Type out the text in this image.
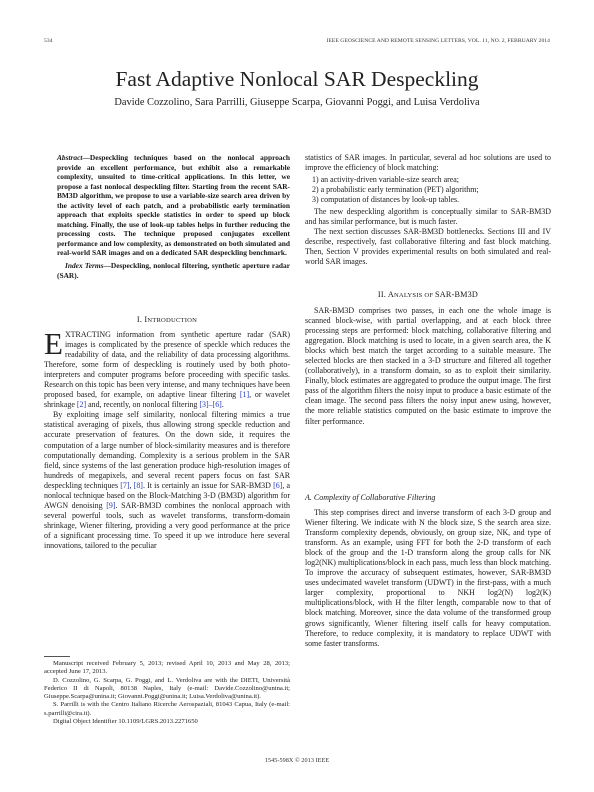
534	IEEE GEOSCIENCE AND REMOTE SENSING LETTERS, VOL. 11, NO. 2, FEBRUARY 2014
Fast Adaptive Nonlocal SAR Despeckling
Davide Cozzolino, Sara Parrilli, Giuseppe Scarpa, Giovanni Poggi, and Luisa Verdoliva
Abstract—Despeckling techniques based on the nonlocal approach provide an excellent performance, but exhibit also a remarkable complexity, unsuited to time-critical applications. In this letter, we propose a fast nonlocal despeckling filter. Starting from the recent SAR-BM3D algorithm, we propose to use a variable-size search area driven by the activity level of each patch, and a probabilistic early termination approach that exploits speckle statistics in order to speed up block matching. Finally, the use of look-up tables helps in further reducing the processing costs. The technique proposed conjugates excellent performance and low complexity, as demonstrated on both simulated and real-world SAR images and on a dedicated SAR despeckling benchmark.
Index Terms—Despeckling, nonlocal filtering, synthetic aperture radar (SAR).
I. INTRODUCTION

EXTRACTING information from synthetic aperture radar (SAR) images is complicated by the presence of speckle which reduces the readability of data, and the reliability of data processing algorithms. Therefore, some form of despeckling is routinely used by both photo-interpreters and computer programs before proceeding with specific tasks. Research on this topic has been very intense, and many techniques have been proposed based, for example, on adaptive linear filtering [1], or wavelet shrinkage [2] and, recently, on nonlocal filtering [3]–[6].

By exploiting image self similarity, nonlocal filtering mimics a true statistical averaging of pixels, thus allowing strong speckle reduction and accurate preservation of features. On the down side, it requires the computation of a large number of block-similarity measures and is therefore computationally demanding. Complexity is a serious problem in the SAR field, since systems of the last generation produce high-resolution images of hundreds of megapixels, and several recent papers focus on fast SAR despeckling techniques [7], [8]. It is certainly an issue for SAR-BM3D [6], a nonlocal technique based on the Block-Matching 3-D (BM3D) algorithm for AWGN denoising [9]. SAR-BM3D combines the nonlocal approach with several powerful tools, such as wavelet transforms, transform-domain shrinkage, Wiener filtering, providing a very good performance at the price of a significant processing time. To speed it up we introduce here several innovations, tailored to the peculiar

Manuscript received February 5, 2013; revised April 10, 2013 and May 28, 2013; accepted June 17, 2013.
D. Cozzolino, G. Scarpa, G. Poggi, and L. Verdoliva are with the DIETI, Università Federico II di Napoli, 80138 Naples, Italy (e-mail: Davide.Cozzolino@unina.it; Giuseppe.Scarpa@unina.it; Giovanni.Poggi@unina.it; Luisa.Verdoliva@unina.it).
S. Parrilli is with the Centro Italiano Ricerche Aerospaziali, 81043 Capua, Italy (e-mail: s.parrilli@cira.it).
Digital Object Identifier 10.1109/LGRS.2013.2271650

statistics of SAR images. In particular, several ad hoc solutions are used to improve the efficiency of block matching:

1) an activity-driven variable-size search area;
2) a probabilistic early termination (PET) algorithm;
3) computation of distances by look-up tables.

The new despeckling algorithm is conceptually similar to SAR-BM3D and has similar performance, but is much faster.

The next section discusses SAR-BM3D bottlenecks. Sections III and IV describe, respectively, fast collaborative filtering and fast block matching. Then, Section V provides experimental results on both simulated and real-world SAR images.

II. ANALYSIS OF SAR-BM3D

SAR-BM3D comprises two passes, in each one the whole image is scanned block-wise, with partial overlapping, and at each block three processing steps are performed: block matching, collaborative filtering and aggregation. Block matching is used to locate, in a given search area, the K blocks which best match the target according to a suitable measure. The selected blocks are then stacked in a 3-D structure and filtered all together (collaboratively), in a transform domain, so as to exploit their similarity. Finally, block estimates are aggregated to produce the output image. The first pass of the algorithm filters the noisy input to produce a basic estimate of the clean image. The second pass filters the noisy input anew using, however, the more reliable statistics computed on the basic estimate to improve the filter performance.

A. Complexity of Collaborative Filtering

This step comprises direct and inverse transform of each 3-D group and Wiener filtering. We indicate with N the block size, S the search area size. Transform complexity depends, obviously, on group size, NK, and type of transform. As an example, using FFT for both the 2-D transform of each block of the group and the 1-D transform along the group calls for NK log2(NK) multiplications/block in each pass, much less than block matching. To improve the accuracy of subsequent estimates, however, SAR-BM3D uses undecimated wavelet transform (UDWT) in the first-pass, with a much larger complexity, proportional to NKH log2(N) log2(K) multiplications/block, with H the filter length, comparable now to that of block matching. Moreover, since the data volume of the transformed group grows significantly, Wiener filtering itself calls for heavy computation. Therefore, to reduce complexity, it is mandatory to replace UDWT with some faster transforms.

1545-598X © 2013 IEEE
